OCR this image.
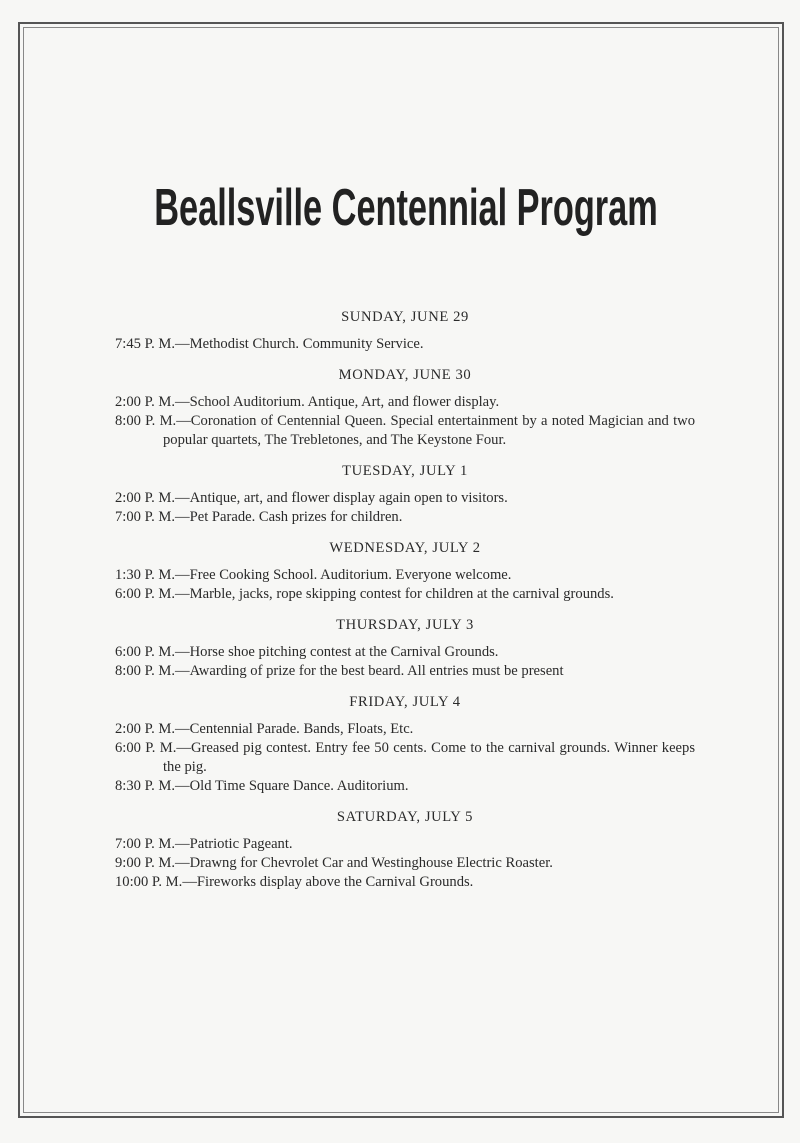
Beallsville Centennial Program
SUNDAY, JUNE 29

7:45 P. M.—Methodist Church. Community Service.

MONDAY, JUNE 30

2:00 P. M.—School Auditorium. Antique, Art, and flower display.

8:00 P. M.—Coronation of Centennial Queen. Special entertainment by a noted Magician and two popular quartets, The Trebletones, and The Keystone Four.

TUESDAY, JULY 1

2:00 P. M.—Antique, art, and flower display again open to visitors.

7:00 P. M.—Pet Parade. Cash prizes for children.

WEDNESDAY, JULY 2

1:30 P. M.—Free Cooking School. Auditorium. Everyone welcome.

6:00 P. M.—Marble, jacks, rope skipping contest for children at the carnival grounds.

THURSDAY, JULY 3

6:00 P. M.—Horse shoe pitching contest at the Carnival Grounds.

8:00 P. M.—Awarding of prize for the best beard. All entries must be present

FRIDAY, JULY 4

2:00 P. M.—Centennial Parade. Bands, Floats, Etc.

6:00 P. M.—Greased pig contest. Entry fee 50 cents. Come to the carnival grounds. Winner keeps the pig.

8:30 P. M.—Old Time Square Dance. Auditorium.

SATURDAY, JULY 5

7:00 P. M.—Patriotic Pageant.

9:00 P. M.—Drawng for Chevrolet Car and Westinghouse Electric Roaster.

10:00 P. M.—Fireworks display above the Carnival Grounds.
